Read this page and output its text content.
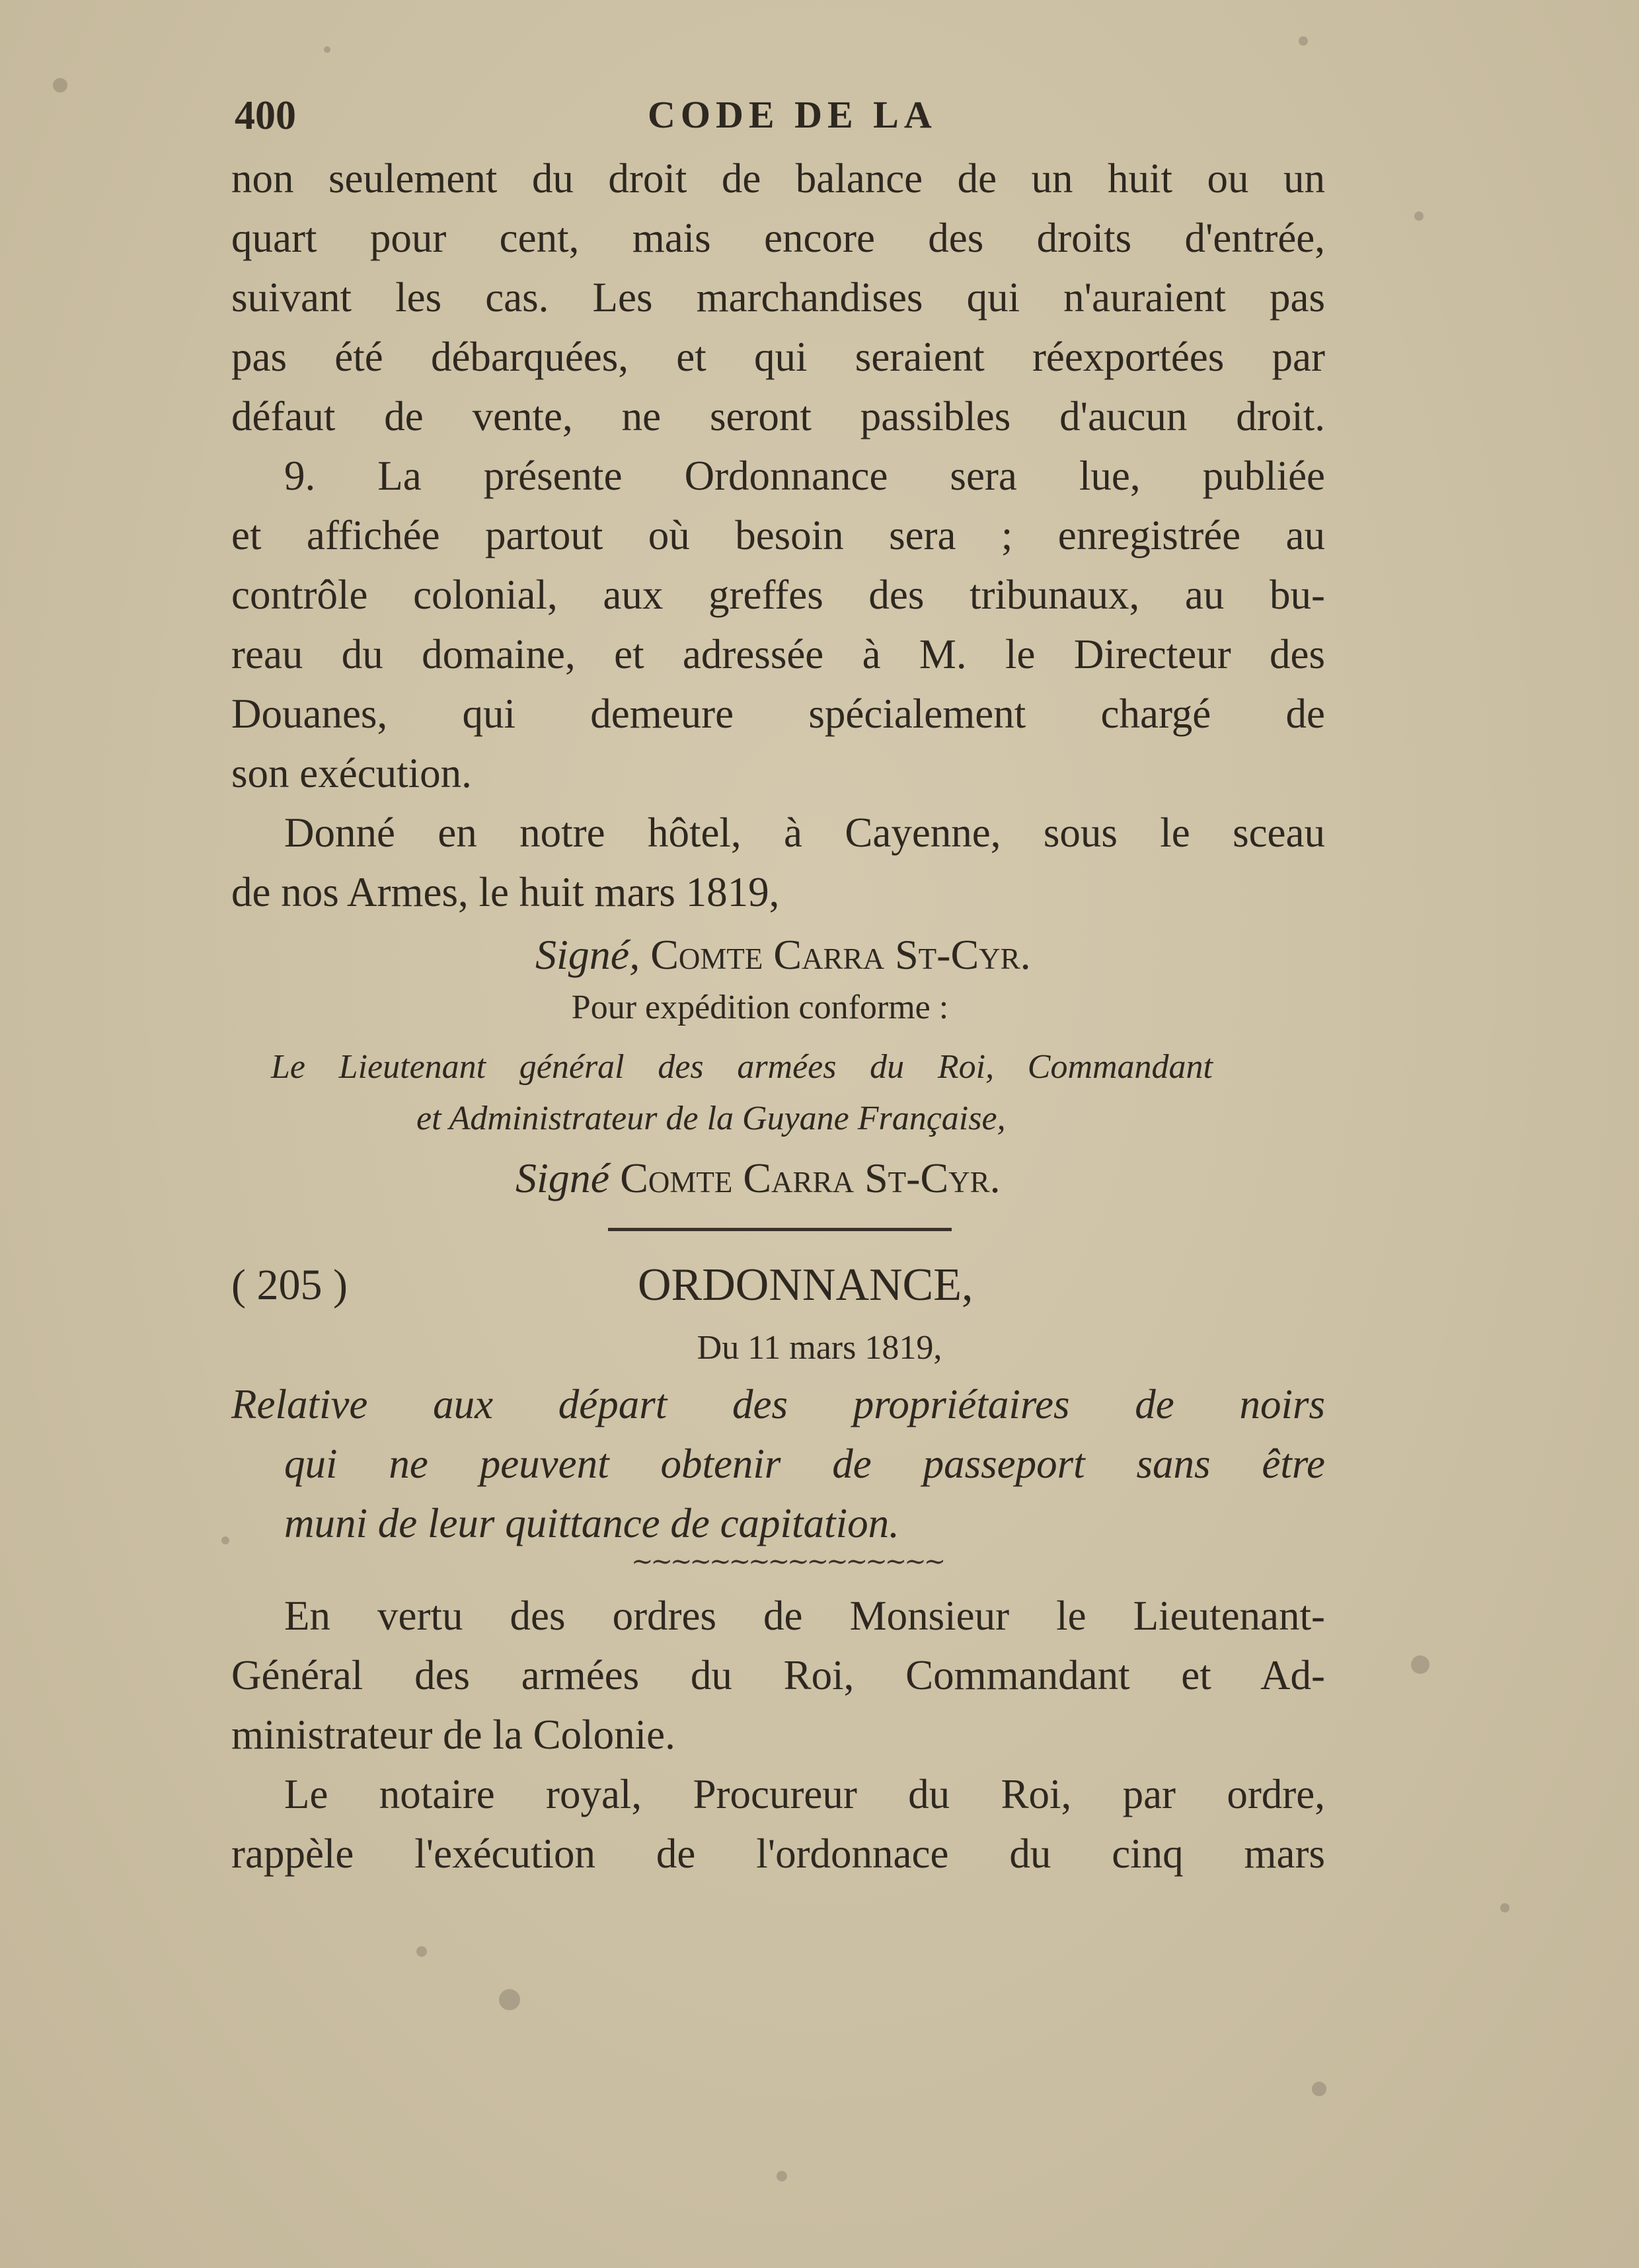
400	CODE DE LA
non seulement du droit de balance de un huit ou un
quart pour cent, mais encore des droits d'entrée,
suivant les cas. Les marchandises qui n'auraient pas
pas été débarquées, et qui seraient réexportées par
défaut de vente, ne seront passibles d'aucun droit.
9. La présente Ordonnance sera lue, publiée
et affichée partout où besoin sera ; enregistrée au
contrôle colonial, aux greffes des tribunaux, au bu-
reau du domaine, et adressée à M. le Directeur des
Douanes, qui demeure spécialement chargé de
son exécution.
Donné en notre hôtel, à Cayenne, sous le sceau
de nos Armes, le huit mars 1819,
Signé, Comte Carra St-Cyr.
Pour expédition conforme :
Le Lieutenant général des armées du Roi, Commandant
et Administrateur de la Guyane Française,
Signé Comte Carra St-Cyr.
( 205 )	ORDONNANCE,
Du 11 mars 1819,
Relative aux départ des propriétaires de noirs
qui ne peuvent obtenir de passeport sans être
muni de leur quittance de capitation.
~~~~~~~~~~~~~~~~
En vertu des ordres de Monsieur le Lieutenant-
Général des armées du Roi, Commandant et Ad-
ministrateur de la Colonie.
Le notaire royal, Procureur du Roi, par ordre,
rappèle l'exécution de l'ordonnace du cinq mars
